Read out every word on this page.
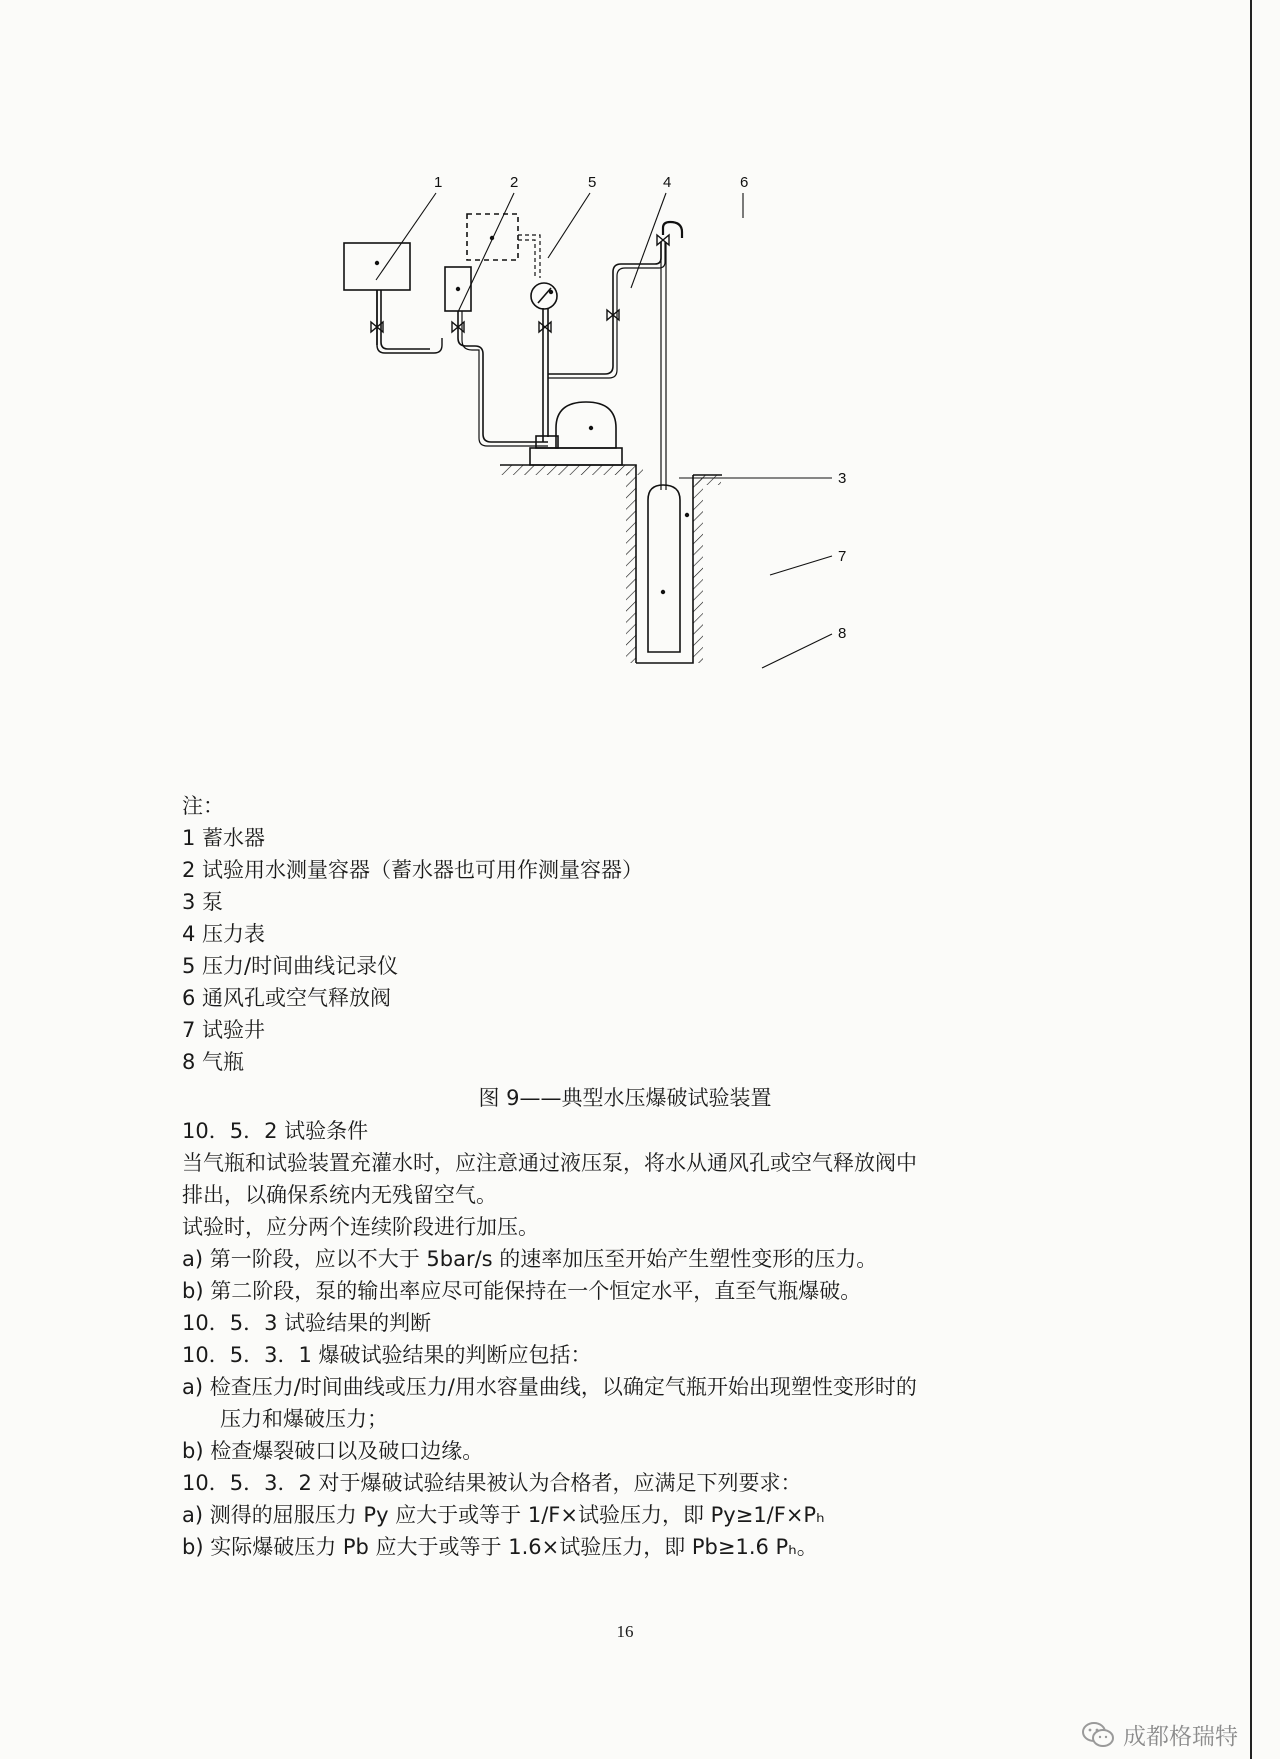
1	2	5	4	6
3
7
8
注：
1 蓄水器
2 试验用水测量容器（蓄水器也可用作测量容器）
3 泵
4 压力表
5 压力/时间曲线记录仪
6 通风孔或空气释放阀
7 试验井
8 气瓶
图 9——典型水压爆破试验装置
10．5．2 试验条件
当气瓶和试验装置充灌水时，应注意通过液压泵，将水从通风孔或空气释放阀中
排出，以确保系统内无残留空气。
试验时，应分两个连续阶段进行加压。
a) 第一阶段，应以不大于 5bar/s 的速率加压至开始产生塑性变形的压力。
b) 第二阶段，泵的输出率应尽可能保持在一个恒定水平，直至气瓶爆破。
10．5．3 试验结果的判断
10．5．3．1 爆破试验结果的判断应包括：
a) 检查压力/时间曲线或压力/用水容量曲线，以确定气瓶开始出现塑性变形时的
压力和爆破压力；
b) 检查爆裂破口以及破口边缘。
10．5．3．2 对于爆破试验结果被认为合格者，应满足下列要求：
a) 测得的屈服压力 Py 应大于或等于 1/F×试验压力，即 Py≥1/F×Pₕ
b) 实际爆破压力 Pb 应大于或等于 1.6×试验压力，即 Pb≥1.6 Pₕ。
16
成都格瑞特
